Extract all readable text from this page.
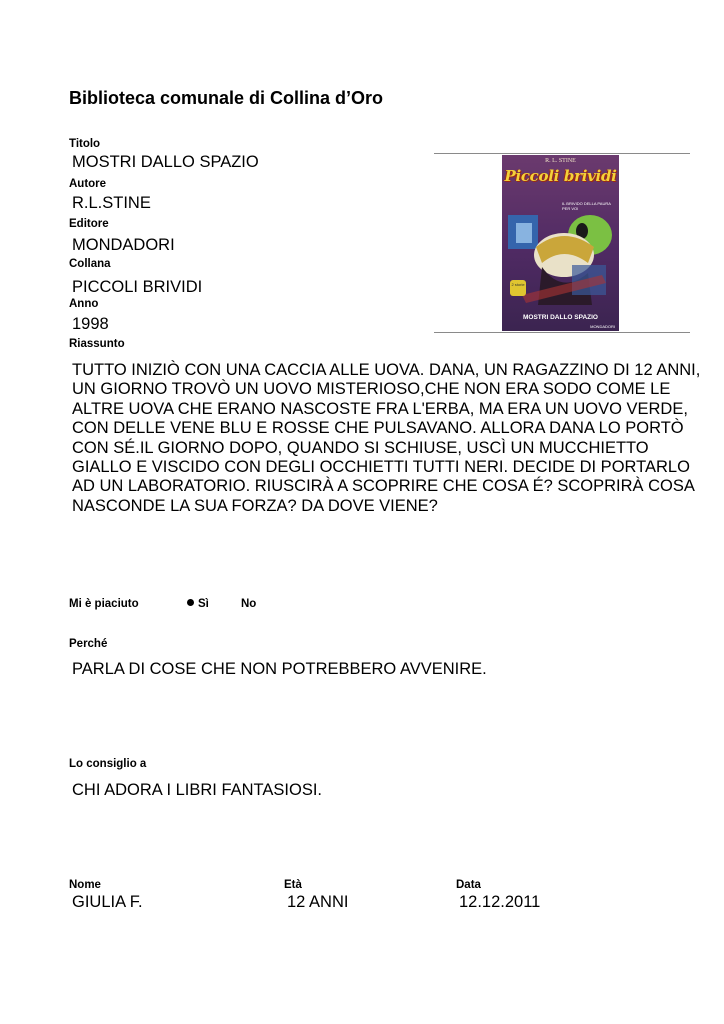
Biblioteca comunale di Collina d’Oro
Titolo
MOSTRI DALLO SPAZIO
Autore
R.L.STINE
Editore
MONDADORI
Collana
PICCOLI BRIVIDI
Anno
1998
R. L. STINE
Piccoli brividi
IL BRIVIDO DELLA PAURA PER VOI
2 storie
MOSTRI DALLO SPAZIO
MONDADORI
Riassunto
TUTTO INIZIÒ CON UNA CACCIA ALLE UOVA. DANA, UN RAGAZZINO DI 12 ANNI, UN GIORNO TROVÒ UN UOVO MISTERIOSO,CHE NON ERA SODO COME LE ALTRE UOVA CHE ERANO NASCOSTE FRA L'ERBA, MA ERA UN UOVO VERDE, CON DELLE VENE BLU E ROSSE CHE PULSAVANO. ALLORA DANA LO PORTÒ CON SÉ.IL GIORNO DOPO, QUANDO SI SCHIUSE, USCÌ UN MUCCHIETTO GIALLO E VISCIDO CON DEGLI OCCHIETTI TUTTI NERI. DECIDE DI PORTARLO AD UN LABORATORIO. RIUSCIRÀ A SCOPRIRE CHE COSA É? SCOPRIRÀ COSA NASCONDE LA SUA FORZA? DA DOVE VIENE?
Mi è piaciuto	Sì	No
Perché
PARLA DI COSE CHE NON POTREBBERO AVVENIRE.
Lo consiglio a
CHI ADORA I LIBRI FANTASIOSI.
Nome
GIULIA F.
Età
12 ANNI
Data
12.12.2011
